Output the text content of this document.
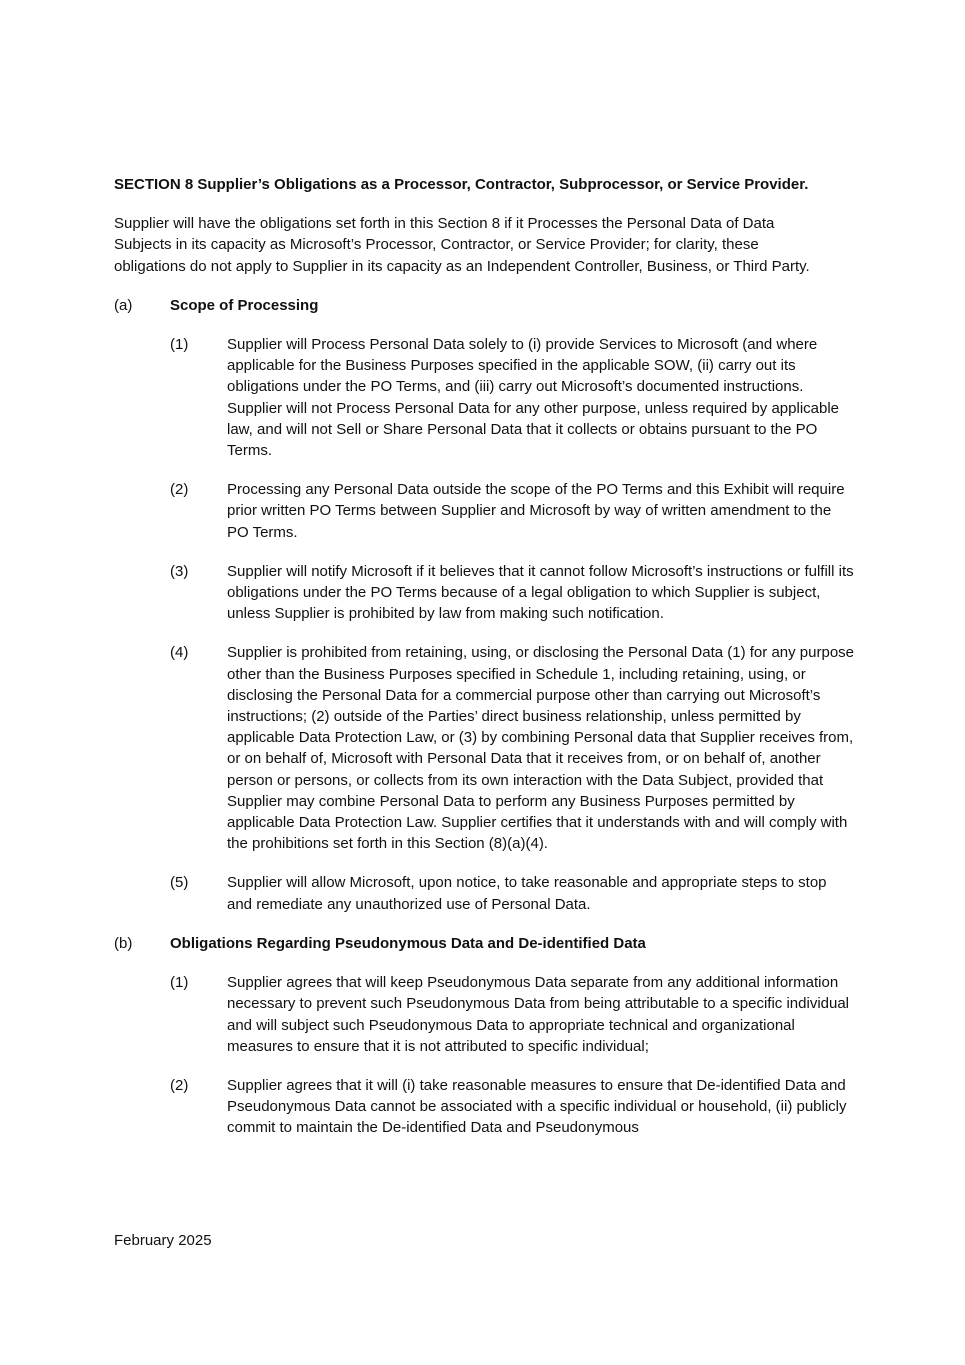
SECTION 8 Supplier’s Obligations as a Processor, Contractor, Subprocessor, or Service Provider.

Supplier will have the obligations set forth in this Section 8 if it Processes the Personal Data of Data Subjects in its capacity as Microsoft’s Processor, Contractor, or Service Provider; for clarity, these obligations do not apply to Supplier in its capacity as an Independent Controller, Business, or Third Party.

(a)	Scope of Processing
(1)	Supplier will Process Personal Data solely to (i) provide Services to Microsoft (and where applicable for the Business Purposes specified in the applicable SOW, (ii) carry out its obligations under the PO Terms, and (iii) carry out Microsoft’s documented instructions. Supplier will not Process Personal Data for any other purpose, unless required by applicable law, and will not Sell or Share Personal Data that it collects or obtains pursuant to the PO Terms.
(2)	Processing any Personal Data outside the scope of the PO Terms and this Exhibit will require prior written PO Terms between Supplier and Microsoft by way of written amendment to the PO Terms.
(3)	Supplier will notify Microsoft if it believes that it cannot follow Microsoft’s instructions or fulfill its obligations under the PO Terms because of a legal obligation to which Supplier is subject, unless Supplier is prohibited by law from making such notification.
(4)	Supplier is prohibited from retaining, using, or disclosing the Personal Data (1) for any purpose other than the Business Purposes specified in Schedule 1, including retaining, using, or disclosing the Personal Data for a commercial purpose other than carrying out Microsoft’s instructions; (2) outside of the Parties’ direct business relationship, unless permitted by applicable Data Protection Law, or (3) by combining Personal data that Supplier receives from, or on behalf of, Microsoft with Personal Data that it receives from, or on behalf of, another person or persons, or collects from its own interaction with the Data Subject, provided that Supplier may combine Personal Data to perform any Business Purposes permitted by applicable Data Protection Law. Supplier certifies that it understands with and will comply with the prohibitions set forth in this Section (8)(a)(4).
(5)	Supplier will allow Microsoft, upon notice, to take reasonable and appropriate steps to stop and remediate any unauthorized use of Personal Data.
(b)	Obligations Regarding Pseudonymous Data and De-identified Data
(1)	Supplier agrees that will keep Pseudonymous Data separate from any additional information necessary to prevent such Pseudonymous Data from being attributable to a specific individual and will subject such Pseudonymous Data to appropriate technical and organizational measures to ensure that it is not attributed to specific individual;
(2)	Supplier agrees that it will (i) take reasonable measures to ensure that De-identified Data and Pseudonymous Data cannot be associated with a specific individual or household, (ii) publicly commit to maintain the De-identified Data and Pseudonymous
February 2025
